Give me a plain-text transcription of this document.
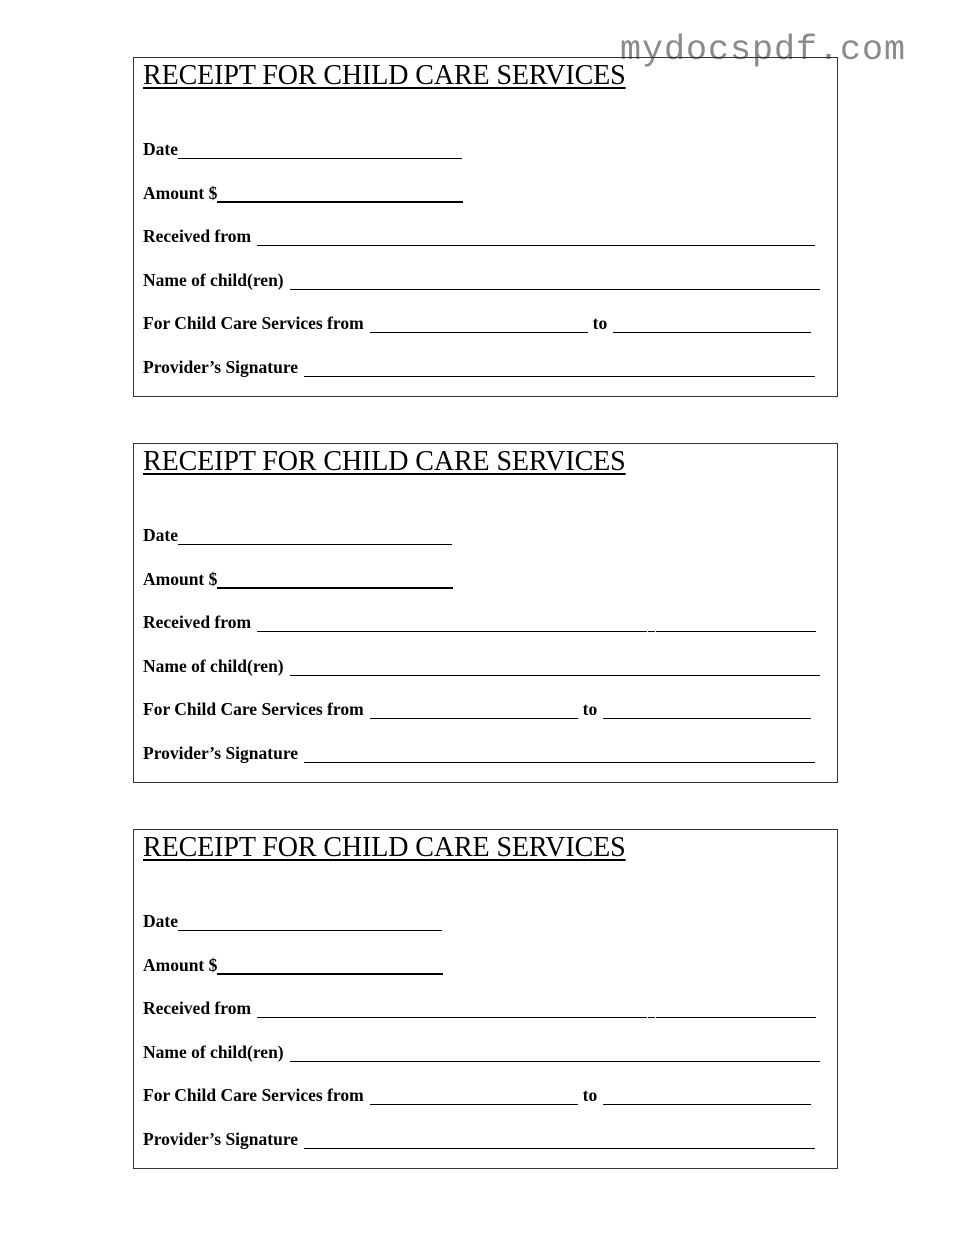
mydocspdf.com
RECEIPT FOR CHILD CARE SERVICES
Date
Amount $
Received from
Name of child(ren)
For Child Care Services from	to
Provider’s Signature
RECEIPT FOR CHILD CARE SERVICES
Date
Amount $
Received from
Name of child(ren)
For Child Care Services from	to
Provider’s Signature
RECEIPT FOR CHILD CARE SERVICES
Date
Amount $
Received from
Name of child(ren)
For Child Care Services from	to
Provider’s Signature
